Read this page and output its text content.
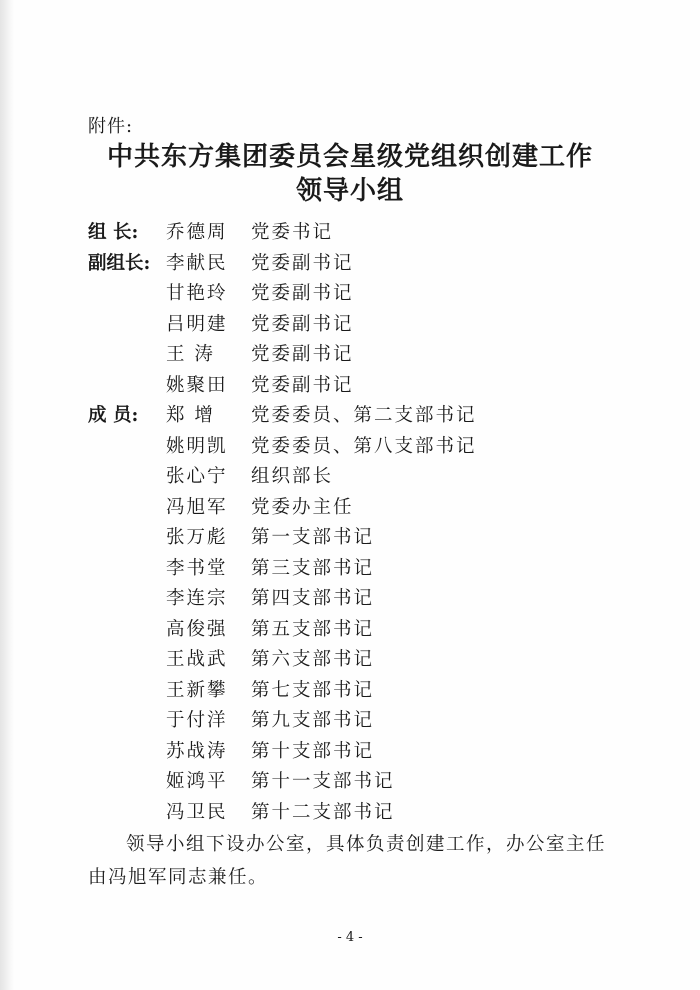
附件:
中共东方集团委员会星级党组织创建工作
领导小组
组 长:	乔德周 党委书记
副组长: 李献民 党委副书记
甘艳玲 党委副书记
吕明建 党委副书记
王 涛 党委副书记
姚聚田 党委副书记
成 员:	郑 增 党委委员、第二支部书记
姚明凯 党委委员、第八支部书记
张心宁 组织部长
冯旭军 党委办主任
张万彪 第一支部书记
李书堂 第三支部书记
李连宗 第四支部书记
高俊强 第五支部书记
王战武 第六支部书记
王新攀 第七支部书记
于付洋 第九支部书记
苏战涛 第十支部书记
姬鸿平 第十一支部书记
冯卫民 第十二支部书记
领导小组下设办公室，具体负责创建工作，办公室主任由冯旭军同志兼任。
- 4 -
